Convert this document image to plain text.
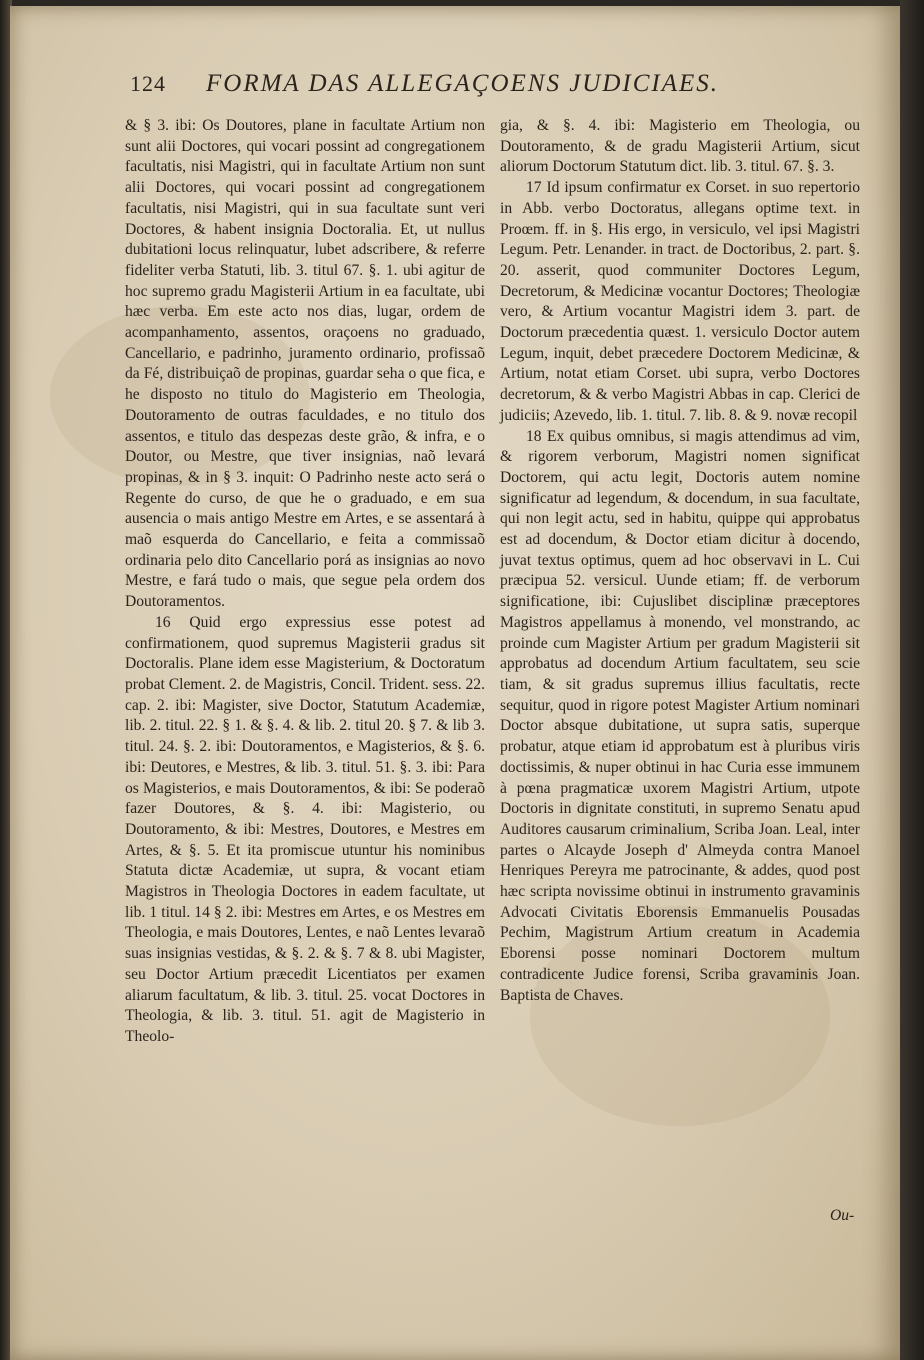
124 FORMA DAS ALLEGAÇOENS JUDICIAES.

& § 3. ibi: Os Doutores, plane in facultate Artium non sunt alii Doctores, qui vocari possint ad congregationem facultatis, nisi Magistri, qui in facultate Artium non sunt alii Doctores, qui vocari possint ad congregationem facultatis, nisi Magistri, qui in sua facultate sunt veri Doctores, & habent insignia Doctoralia. Et, ut nullus dubitationi locus relinquatur, lubet adscribere, & referre fideliter verba Statuti, lib. 3. titul 67. §. 1. ubi agitur de hoc supremo gradu Magisterii Artium in ea facultate, ubi hæc verba. Em este acto nos dias, lugar, ordem de acompanhamento, assentos, oraçoens no graduado, Cancellario, e padrinho, juramento ordinario, profissaõ da Fé, distribuiçaõ de propinas, guardar seha o que fica, e he disposto no titulo do Magisterio em Theologia, Doutoramento de outras faculdades, e no titulo dos assentos, e titulo das despezas deste grão, & infra, e o Doutor, ou Mestre, que tiver insignias, naõ levará propinas, & in § 3. inquit: O Padrinho neste acto será o Regente do curso, de que he o graduado, e em sua ausencia o mais antigo Mestre em Artes, e se assentará à maõ esquerda do Cancellario, e feita a commissaõ ordinaria pelo dito Cancellario porá as insignias ao novo Mestre, e fará tudo o mais, que segue pela ordem dos Doutoramentos.

16 Quid ergo expressius esse potest ad confirmationem, quod supremus Magisterii gradus sit Doctoralis. Plane idem esse Magisterium, & Doctoratum probat Clement. 2. de Magistris, Concil. Trident. sess. 22. cap. 2. ibi: Magister, sive Doctor, Statutum Academiæ, lib. 2. titul. 22. § 1. & §. 4. & lib. 2. titul 20. § 7. & lib 3. titul. 24. §. 2. ibi: Doutoramentos, e Magisterios, & §. 6. ibi: Deutores, e Mestres, & lib. 3. titul. 51. §. 3. ibi: Para os Magisterios, e mais Doutoramentos, & ibi: Se poderaõ fazer Doutores, & §. 4. ibi: Magisterio, ou Doutoramento, & ibi: Mestres, Doutores, e Mestres em Artes, & §. 5. Et ita promiscue utuntur his nominibus Statuta dictæ Academiæ, ut supra, & vocant etiam Magistros in Theologia Doctores in eadem facultate, ut lib. 1 titul. 14 § 2. ibi: Mestres em Artes, e os Mestres em Theologia, e mais Doutores, Lentes, e naõ Lentes levaraõ suas insignias vestidas, & §. 2. & §. 7 & 8. ubi Magister, seu Doctor Artium præcedit Licentiatos per examen aliarum facultatum, & lib. 3. titul. 25. vocat Doctores in Theologia, & lib. 3. titul. 51. agit de Magisterio in Theolo-

gia, & §. 4. ibi: Magisterio em Theologia, ou Doutoramento, & de gradu Magisterii Artium, sicut aliorum Doctorum Statutum dict. lib. 3. titul. 67. §. 3.

17 Id ipsum confirmatur ex Corset. in suo repertorio in Abb. verbo Doctoratus, allegans optime text. in Proœm. ff. in §. His ergo, in versiculo, vel ipsi Magistri Legum. Petr. Lenander. in tract. de Doctoribus, 2. part. §. 20. asserit, quod communiter Doctores Legum, Decretorum, & Medicinæ vocantur Doctores; Theologiæ vero, & Artium vocantur Magistri idem 3. part. de Doctorum præcedentia quæst. 1. versiculo Doctor autem Legum, inquit, debet præcedere Doctorem Medicinæ, & Artium, notat etiam Corset. ubi supra, verbo Doctores decretorum, & & verbo Magistri Abbas in cap. Clerici de judiciis; Azevedo, lib. 1. titul. 7. lib. 8. & 9. novæ recopil

18 Ex quibus omnibus, si magis attendimus ad vim, & rigorem verborum, Magistri nomen significat Doctorem, qui actu legit, Doctoris autem nomine significatur ad legendum, & docendum, in sua facultate, qui non legit actu, sed in habitu, quippe qui approbatus est ad docendum, & Doctor etiam dicitur à docendo, juvat textus optimus, quem ad hoc observavi in L. Cui præcipua 52. versicul. Uunde etiam; ff. de verborum significatione, ibi: Cujuslibet disciplinæ præceptores Magistros appellamus à monendo, vel monstrando, ac proinde cum Magister Artium per gradum Magisterii sit approbatus ad docendum Artium facultatem, seu scie tiam, & sit gradus supremus illius facultatis, recte sequitur, quod in rigore potest Magister Artium nominari Doctor absque dubitatione, ut supra satis, superque probatur, atque etiam id approbatum est à pluribus viris doctissimis, & nuper obtinui in hac Curia esse immunem à pœna pragmaticæ uxorem Magistri Artium, utpote Doctoris in dignitate constituti, in supremo Senatu apud Auditores causarum criminalium, Scriba Joan. Leal, inter partes o Alcayde Joseph d' Almeyda contra Manoel Henriques Pereyra me patrocinante, & addes, quod post hæc scripta novissime obtinui in instrumento gravaminis Advocati Civitatis Eborensis Emmanuelis Pousadas Pechim, Magistrum Artium creatum in Academia Eborensi posse nominari Doctorem multum contradicente Judice forensi, Scriba gravaminis Joan. Baptista de Chaves.

Ou-
